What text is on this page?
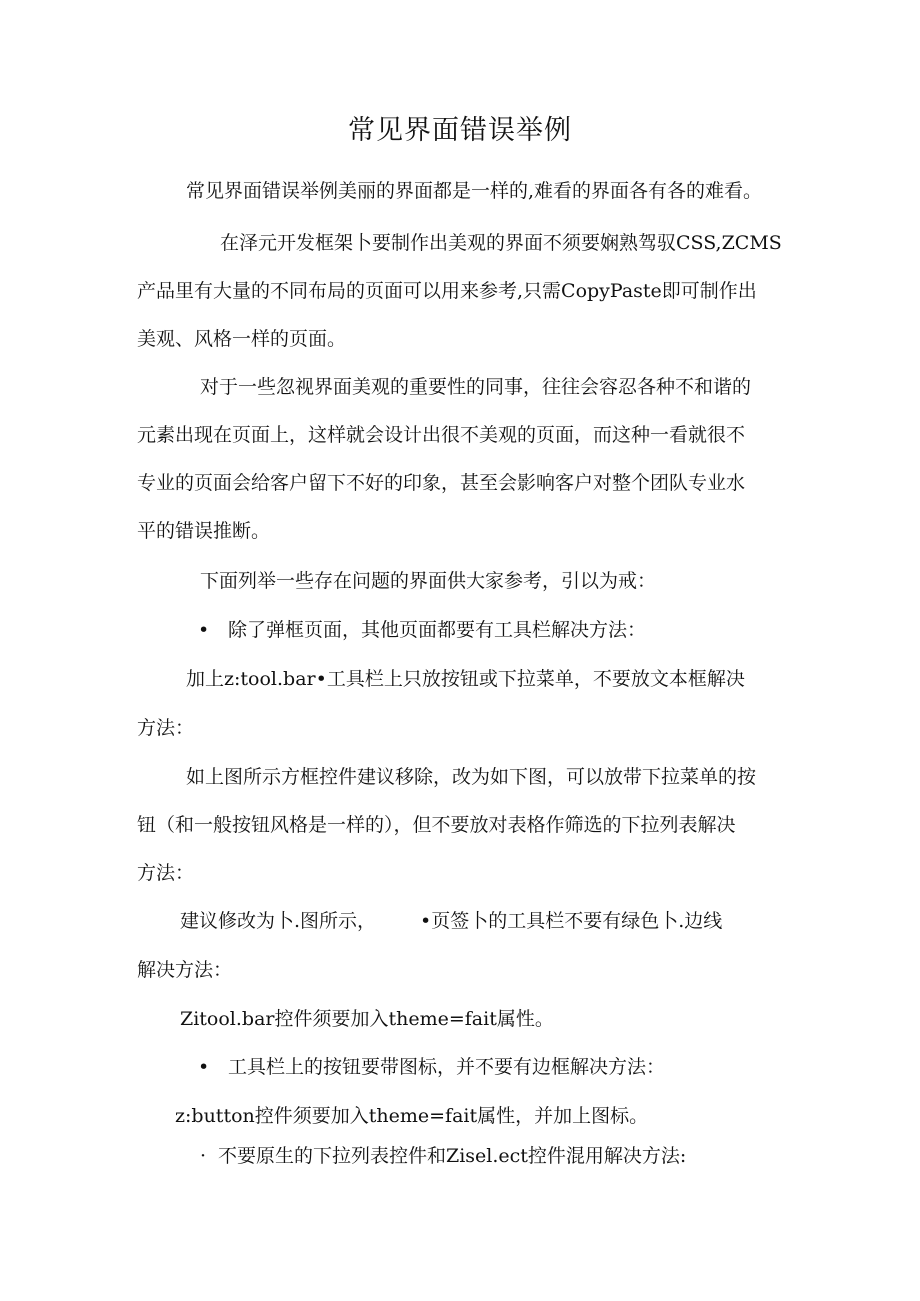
常见界面错误举例
常见界面错误举例美丽的界面都是一样的,难看的界面各有各的难看。
在泽元开发框架卜要制作出美观的界面不须要娴熟驾驭CSS,ZCMS
产品里有大量的不同布局的页面可以用来参考,只需CopyPaste即可制作出
美观、风格一样的页面。
对于一些忽视界面美观的重要性的同事，往往会容忍各种不和谐的
元素出现在页面上，这样就会设计出很不美观的页面，而这种一看就很不
专业的页面会给客户留下不好的印象，甚至会影响客户对整个团队专业水
平的错误推断。
下面列举一些存在问题的界面供大家参考，引以为戒：
• 除了弹框页面，其他页面都要有工具栏解决方法：
加上z:tool.bar•工具栏上只放按钮或下拉菜单，不要放文本框解决
方法：
如上图所示方框控件建议移除，改为如下图，可以放带下拉菜单的按
钮（和一般按钮风格是一样的），但不要放对表格作筛选的下拉列表解决
方法：
建议修改为卜.图所示， •页签卜的工具栏不要有绿色卜.边线
解决方法：
Zitool.bar控件须要加入theme=fait属性。
• 工具栏上的按钮要带图标，并不要有边框解决方法：
z:button控件须要加入theme=fait属性，并加上图标。
· 不要原生的下拉列表控件和Zisel.ect控件混用解决方法:
